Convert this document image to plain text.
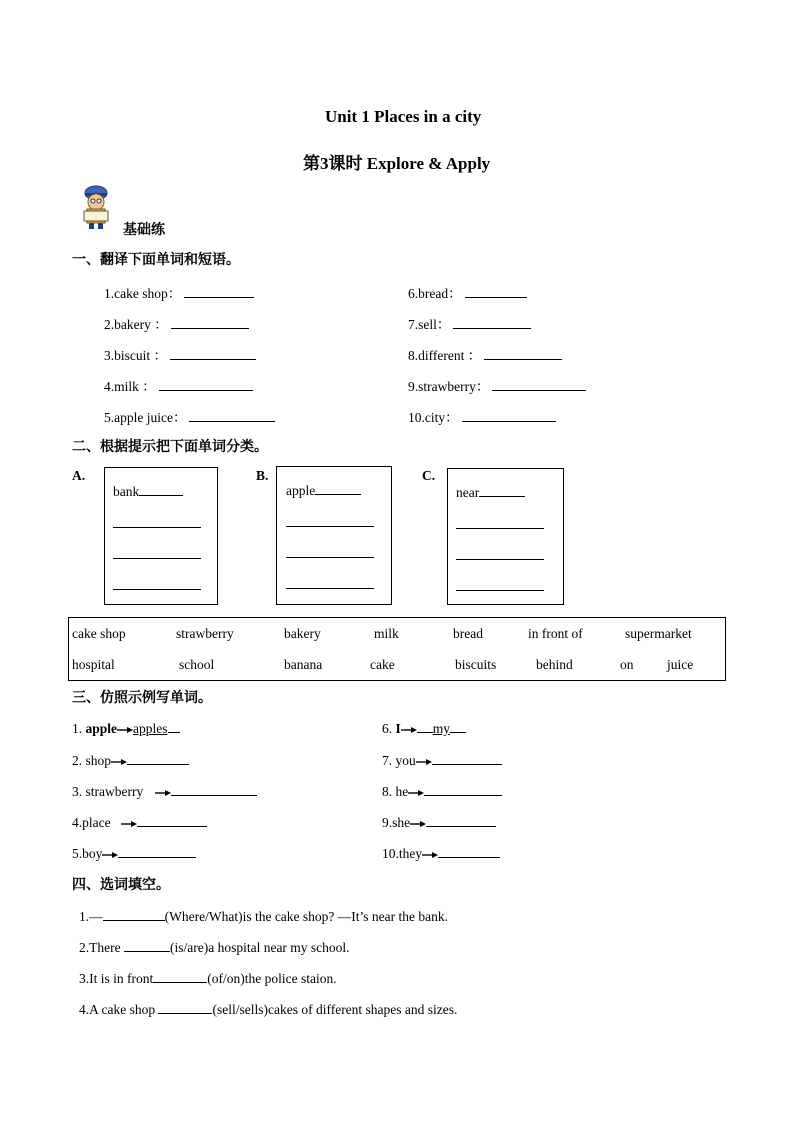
Unit 1 Places in a city
第3课时 Explore & Apply
基础练
一、翻译下面单词和短语。
1.cake shop：
2.bakery ：
3.biscuit ：
4.milk ：
5.apple juice：
6.bread：
7.sell：
8.different ：
9.strawberry：
10.city：
二、根据提示把下面单词分类。
A.
bank
B.
apple
C.
near
cake shop	strawberry	bakery	milk	bread	in front of	supermarket
hospital	school	banana	cake	biscuits	behind	on juice
三、仿照示例写单词。
1. apple apples
2. shop
3. strawberry
4.place
5.boy
6. I my
7. you
8. he
9.she
10.they
四、选词填空。
1.—	(Where/What)is the cake shop? —It’s near the bank.
2.There	(is/are)a hospital near my school.
3.It is in front	(of/on)the police staion.
4.A cake shop	(sell/sells)cakes of different shapes and sizes.
